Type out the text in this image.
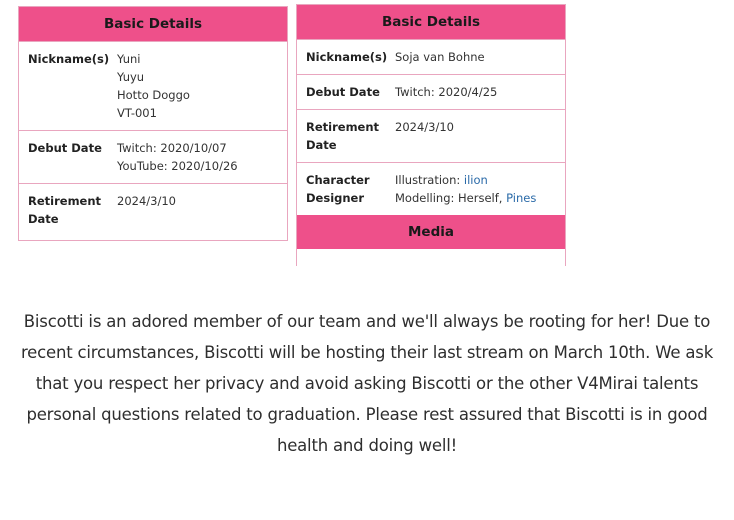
Basic Details
Nickname(s) Yuni
Yuyu
Hotto Doggo
VT-001
Debut Date	Twitch: 2020/10/07
YouTube: 2020/10/26
Retirement Date
2024/3/10
Basic Details
Nickname(s) Soja van Bohne
Debut Date	Twitch: 2020/4/25
Retirement Date
2024/3/10
Character Designer
Illustration: ilion
Modelling: Herself, Pines
Media
Biscotti is an adored member of our team and we'll always be rooting for her! Due to recent circumstances, Biscotti will be hosting their last stream on March 10th. We ask that you respect her privacy and avoid asking Biscotti or the other V4Mirai talents personal questions related to graduation. Please rest assured that Biscotti is in good health and doing well!
